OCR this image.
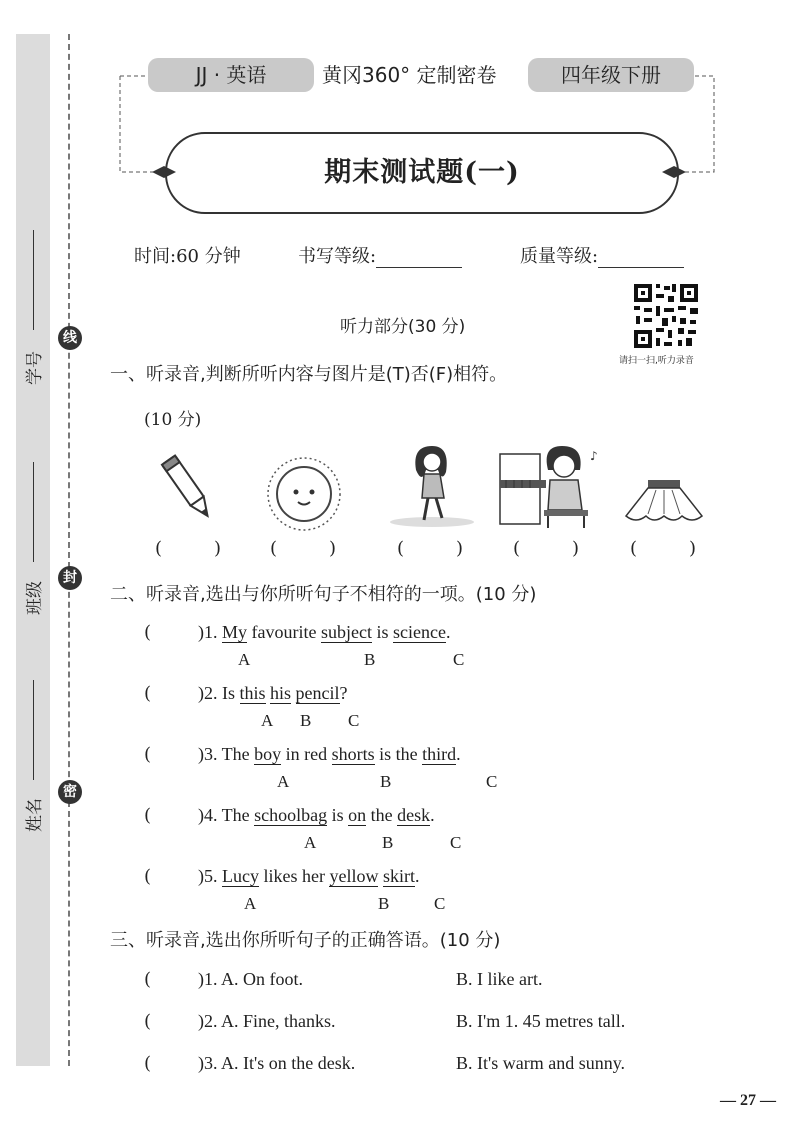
学号
班级
姓名
线
封
密
JJ · 英语	黄冈360° 定制密卷	四年级下册
期末测试题(一)
时间:60 分钟	书写等级:	质量等级:
听力部分(30 分)
请扫一扫,听力录音
一、听录音,判断所听内容与图片是(T)否(F)相符。
(10 分)
♪
(	)	(	)	(	)	(	)	(	)
二、听录音,选出与你所听句子不相符的一项。(10 分)
(	)1. My favourite subject is science.
A	B	C
(	)2. Is this his pencil?
A B C
(	)3. The boy in red shorts is the third.
A	B	C
(	)4. The schoolbag is on the desk.
A	B	C
(	)5. Lucy likes her yellow skirt.
A	B	C
三、听录音,选出你所听句子的正确答语。(10 分)
(	)1. A. On foot.	B. I like art.
(	)2. A. Fine, thanks.	B. I'm 1. 45 metres tall.
(	)3. A. It's on the desk.	B. It's warm and sunny.
— 27 —
